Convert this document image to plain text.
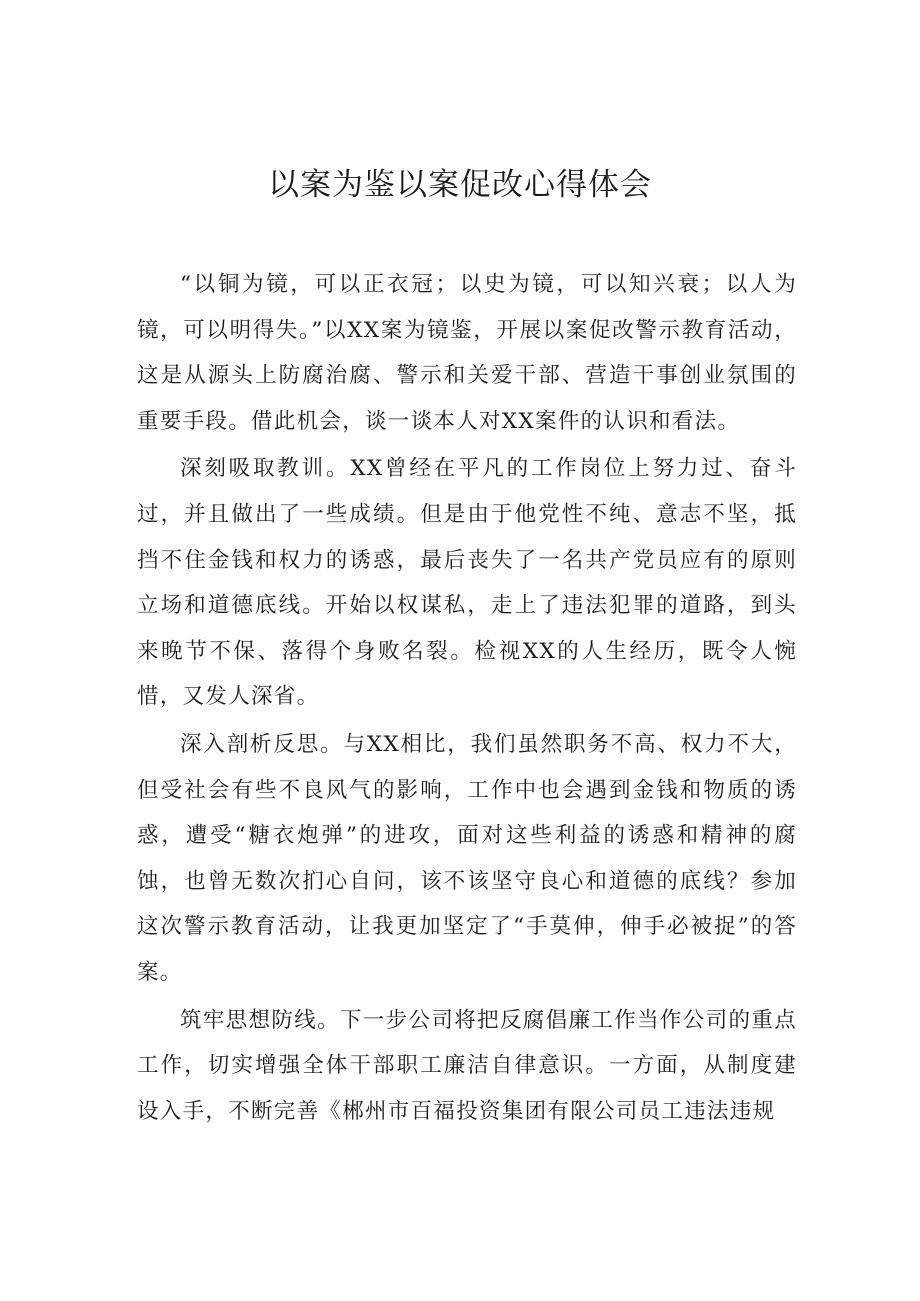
以案为鉴以案促改心得体会

“以铜为镜，可以正衣冠；以史为镜，可以知兴衰；以人为镜，可以明得失。”以XX案为镜鉴，开展以案促改警示教育活动，这是从源头上防腐治腐、警示和关爱干部、营造干事创业氛围的重要手段。借此机会，谈一谈本人对XX案件的认识和看法。

深刻吸取教训。XX曾经在平凡的工作岗位上努力过、奋斗过，并且做出了一些成绩。但是由于他党性不纯、意志不坚，抵挡不住金钱和权力的诱惑，最后丧失了一名共产党员应有的原则立场和道德底线。开始以权谋私，走上了违法犯罪的道路，到头来晚节不保、落得个身败名裂。检视XX的人生经历，既令人惋惜，又发人深省。

深入剖析反思。与XX相比，我们虽然职务不高、权力不大，但受社会有些不良风气的影响，工作中也会遇到金钱和物质的诱惑，遭受“糖衣炮弹”的进攻，面对这些利益的诱惑和精神的腐蚀，也曾无数次扪心自问，该不该坚守良心和道德的底线？参加这次警示教育活动，让我更加坚定了“手莫伸，伸手必被捉”的答案。

筑牢思想防线。下一步公司将把反腐倡廉工作当作公司的重点工作，切实增强全体干部职工廉洁自律意识。一方面，从制度建设入手，不断完善《郴州市百福投资集团有限公司员工违法违规
